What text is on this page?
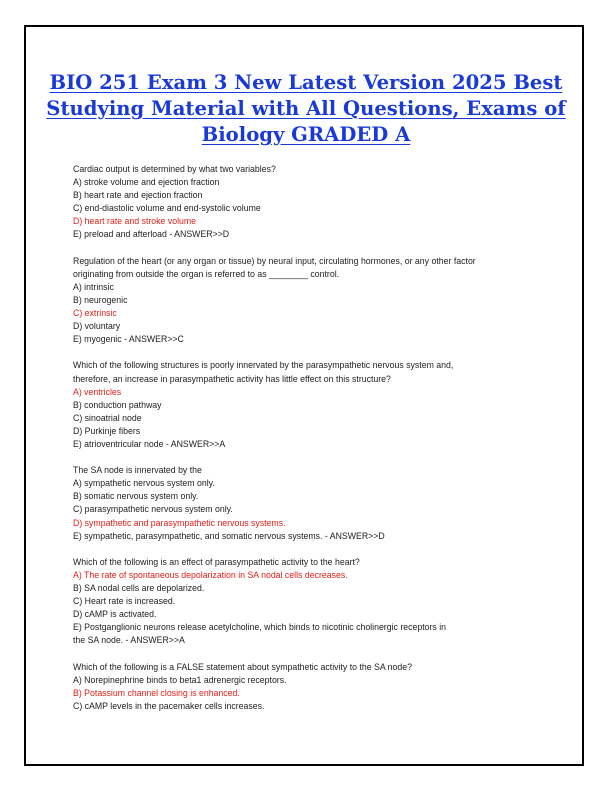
BIO 251 Exam 3 New Latest Version 2025 Best Studying Material with All Questions, Exams of Biology GRADED A
Cardiac output is determined by what two variables?
A) stroke volume and ejection fraction
B) heart rate and ejection fraction
C) end-diastolic volume and end-systolic volume
D) heart rate and stroke volume
E) preload and afterload - ANSWER>>D
Regulation of the heart (or any organ or tissue) by neural input, circulating hormones, or any other factor
originating from outside the organ is referred to as ________ control.
A) intrinsic
B) neurogenic
C) extrinsic
D) voluntary
E) myogenic - ANSWER>>C
Which of the following structures is poorly innervated by the parasympathetic nervous system and,
therefore, an increase in parasympathetic activity has little effect on this structure?
A) ventricles
B) conduction pathway
C) sinoatrial node
D) Purkinje fibers
E) atrioventricular node - ANSWER>>A
The SA node is innervated by the
A) sympathetic nervous system only.
B) somatic nervous system only.
C) parasympathetic nervous system only.
D) sympathetic and parasympathetic nervous systems.
E) sympathetic, parasympathetic, and somatic nervous systems. - ANSWER>>D
Which of the following is an effect of parasympathetic activity to the heart?
A) The rate of spontaneous depolarization in SA nodal cells decreases.
B) SA nodal cells are depolarized.
C) Heart rate is increased.
D) cAMP is activated.
E) Postganglionic neurons release acetylcholine, which binds to nicotinic cholinergic receptors in
the SA node. - ANSWER>>A
Which of the following is a FALSE statement about sympathetic activity to the SA node?
A) Norepinephrine binds to beta1 adrenergic receptors.
B) Potassium channel closing is enhanced.
C) cAMP levels in the pacemaker cells increases.
